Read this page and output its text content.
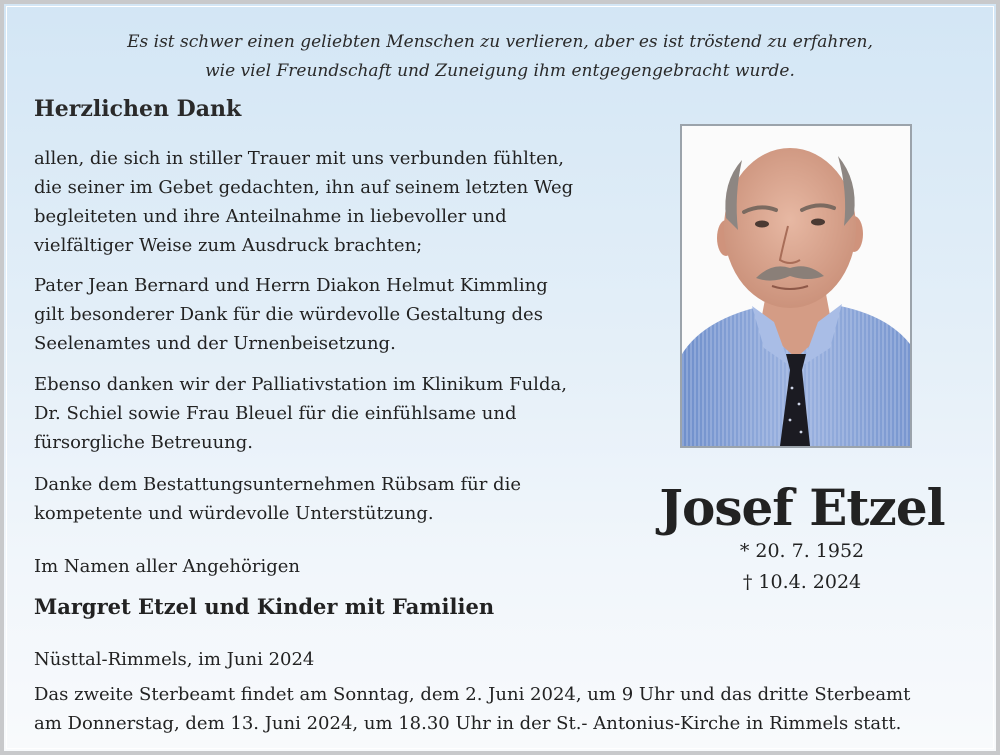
Es ist schwer einen geliebten Menschen zu verlieren, aber es ist tröstend zu erfahren,
wie viel Freundschaft und Zuneigung ihm entgegengebracht wurde.
Herzlichen Dank
allen, die sich in stiller Trauer mit uns verbunden fühlten,
die seiner im Gebet gedachten, ihn auf seinem letzten Weg
begleiteten und ihre Anteilnahme in liebevoller und
vielfältiger Weise zum Ausdruck brachten;
Pater Jean Bernard und Herrn Diakon Helmut Kimmling
gilt besonderer Dank für die würdevolle Gestaltung des
Seelenamtes und der Urnenbeisetzung.
Ebenso danken wir der Palliativstation im Klinikum Fulda,
Dr. Schiel sowie Frau Bleuel für die einfühlsame und
fürsorgliche Betreuung.
Danke dem Bestattungsunternehmen Rübsam für die
kompetente und würdevolle Unterstützung.
Im Namen aller Angehörigen
Margret Etzel und Kinder mit Familien
Nüsttal-Rimmels, im Juni 2024
Das zweite Sterbeamt findet am Sonntag, dem 2. Juni 2024, um 9 Uhr und das dritte Sterbeamt
am Donnerstag, dem 13. Juni 2024, um 18.30 Uhr in der St.- Antonius-Kirche in Rimmels statt.
Josef Etzel
* 20. 7. 1952
† 10.4. 2024
